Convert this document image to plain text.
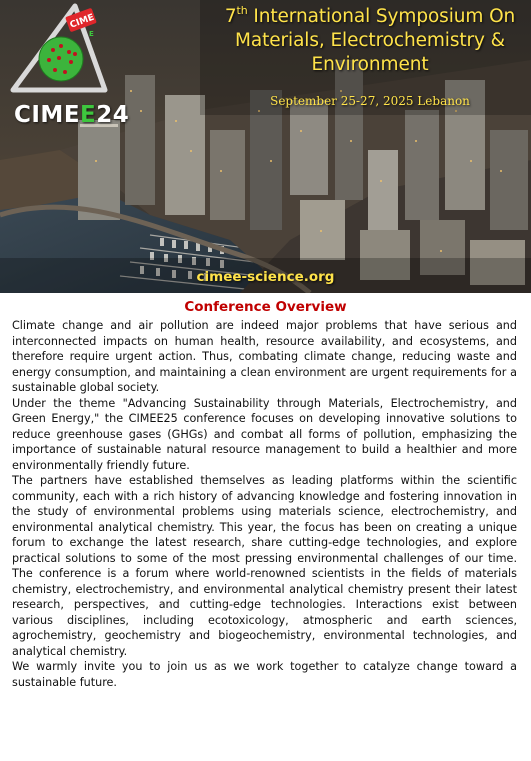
CIME
E
CIMEE24
7th International Symposium On Materials, Electrochemistry & Environment
September 25-27, 2025 Lebanon
cimee-science.org
Conference Overview

Climate change and air pollution are indeed major problems that have serious and interconnected impacts on human health, resource availability, and ecosystems, and therefore require urgent action. Thus, combating climate change, reducing waste and energy consumption, and maintaining a clean environment are urgent requirements for a sustainable global society.

Under the theme "Advancing Sustainability through Materials, Electrochemistry, and Green Energy," the CIMEE25 conference focuses on developing innovative solutions to reduce greenhouse gases (GHGs) and combat all forms of pollution, emphasizing the importance of sustainable natural resource management to build a healthier and more environmentally friendly future.

The partners have established themselves as leading platforms within the scientific community, each with a rich history of advancing knowledge and fostering innovation in the study of environmental problems using materials science, electrochemistry, and environmental analytical chemistry. This year, the focus has been on creating a unique forum to exchange the latest research, share cutting-edge technologies, and explore practical solutions to some of the most pressing environmental challenges of our time. The conference is a forum where world-renowned scientists in the fields of materials chemistry, electrochemistry, and environmental analytical chemistry present their latest research, perspectives, and cutting-edge technologies. Interactions exist between various disciplines, including ecotoxicology, atmospheric and earth sciences, agrochemistry, geochemistry and biogeochemistry, environmental technologies, and analytical chemistry.

We warmly invite you to join us as we work together to catalyze change toward a sustainable future.
